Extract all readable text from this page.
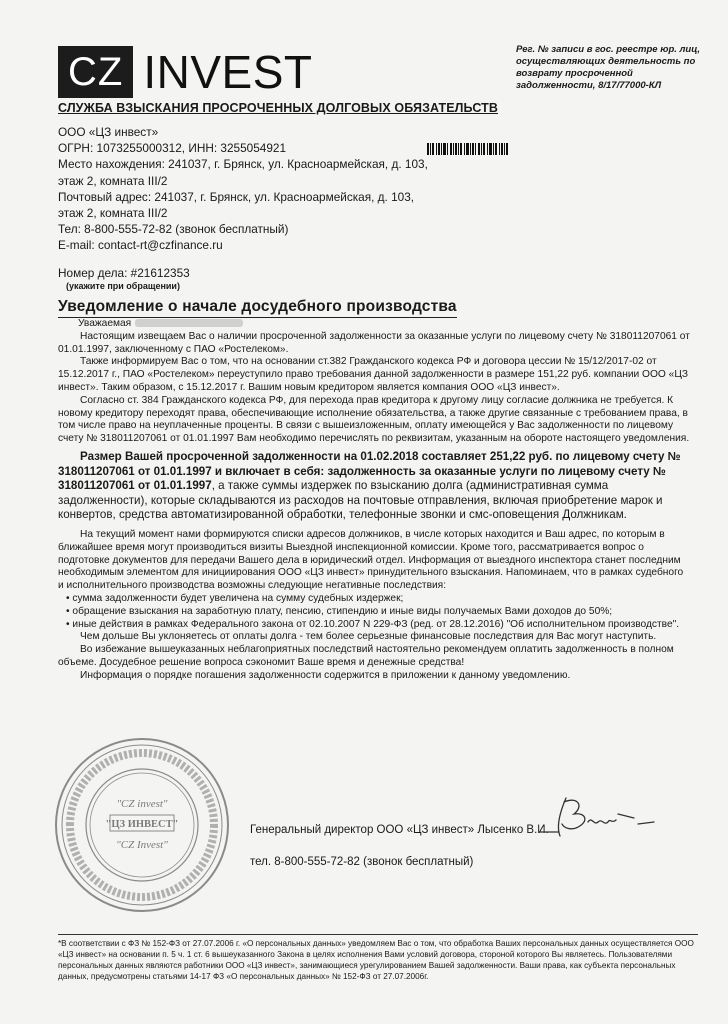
CZ INVEST	Рег. № записи в гос. реестре юр. лиц, осуществляющих деятельность по возврату просроченной задолженности, 8/17/77000-КЛ
СЛУЖБА ВЗЫСКАНИЯ ПРОСРОЧЕННЫХ ДОЛГОВЫХ ОБЯЗАТЕЛЬСТВ
ООО «ЦЗ инвест»
ОГРН: 1073255000312, ИНН: 3255054921
Место нахождения: 241037, г. Брянск, ул. Красноармейская, д. 103,
этаж 2, комната III/2
Почтовый адрес: 241037, г. Брянск, ул. Красноармейская, д. 103,
этаж 2, комната III/2
Тел: 8-800-555-72-82 (звонок бесплатный)
E-mail: contact-rt@czfinance.ru
Номер дела: #21612353
(укажите при обращении)
Уведомление о начале досудебного производства

Уважаемая

Настоящим извещаем Вас о наличии просроченной задолженности за оказанные услуги по лицевому счету № 318011207061 от 01.01.1997, заключенному с ПАО «Ростелеком».

Также информируем Вас о том, что на основании ст.382 Гражданского кодекса РФ и договора цессии № 15/12/2017-02 от 15.12.2017 г., ПАО «Ростелеком» переуступило право требования данной задолженности в размере 151,22 руб. компании ООО «ЦЗ инвест». Таким образом, с 15.12.2017 г. Вашим новым кредитором является компания ООО «ЦЗ инвест».

Согласно ст. 384 Гражданского кодекса РФ, для перехода прав кредитора к другому лицу согласие должника не требуется. К новому кредитору переходят права, обеспечивающие исполнение обязательства, а также другие связанные с требованием права, в том числе право на неуплаченные проценты. В связи с вышеизложенным, оплату имеющейся у Вас задолженности по лицевому счету № 318011207061 от 01.01.1997 Вам необходимо перечислять по реквизитам, указанным на обороте настоящего уведомления.

Размер Вашей просроченной задолженности на 01.02.2018 составляет 251,22 руб. по лицевому счету № 318011207061 от 01.01.1997 и включает в себя: задолженность за оказанные услуги по лицевому счету № 318011207061 от 01.01.1997, а также суммы издержек по взысканию долга (административная сумма задолженности), которые складываются из расходов на почтовые отправления, включая приобретение марок и конвертов, средства автоматизированной обработки, телефонные звонки и смс-оповещения Должникам.

На текущий момент нами формируются списки адресов должников, в числе которых находится и Ваш адрес, по которым в ближайшее время могут производиться визиты Выездной инспекционной комиссии. Кроме того, рассматривается вопрос о подготовке документов для передачи Вашего дела в юридический отдел. Информация от выездного инспектора станет последним необходимым элементом для инициирования ООО «ЦЗ инвест» принудительного взыскания. Напоминаем, что в рамках судебного и исполнительного производства возможны следующие негативные последствия:

• сумма задолженности будет увеличена на сумму судебных издержек;

• обращение взыскания на заработную плату, пенсию, стипендию и иные виды получаемых Вами доходов до 50%;

• иные действия в рамках Федерального закона от 02.10.2007 N 229-ФЗ (ред. от 28.12.2016) "Об исполнительном производстве".

Чем дольше Вы уклоняетесь от оплаты долга - тем более серьезные финансовые последствия для Вас могут наступить.

Во избежание вышеуказанных неблагоприятных последствий настоятельно рекомендуем оплатить задолженность в полном объеме. Досудебное решение вопроса сэкономит Ваше время и денежные средства!

Информация о порядке погашения задолженности содержится в приложении к данному уведомлению.

"CZ invest"
"ЦЗ ИНВЕСТ"
"CZ Invest"
Генеральный директор ООО «ЦЗ инвест» Лысенко В.И.
тел. 8-800-555-72-82 (звонок бесплатный)
*В соответствии с ФЗ № 152-ФЗ от 27.07.2006 г. «О персональных данных» уведомляем Вас о том, что обработка Ваших персональных данных осуществляется ООО «ЦЗ инвест» на основании п. 5 ч. 1 ст. 6 вышеуказанного Закона в целях исполнения Вами условий договора, стороной которого Вы являетесь. Пользователями персональных данных являются работники ООО «ЦЗ инвест», занимающиеся урегулированием Вашей задолженности. Ваши права, как субъекта персональных данных, предусмотрены статьями 14-17 ФЗ «О персональных данных» № 152-ФЗ от 27.07.2006г.
